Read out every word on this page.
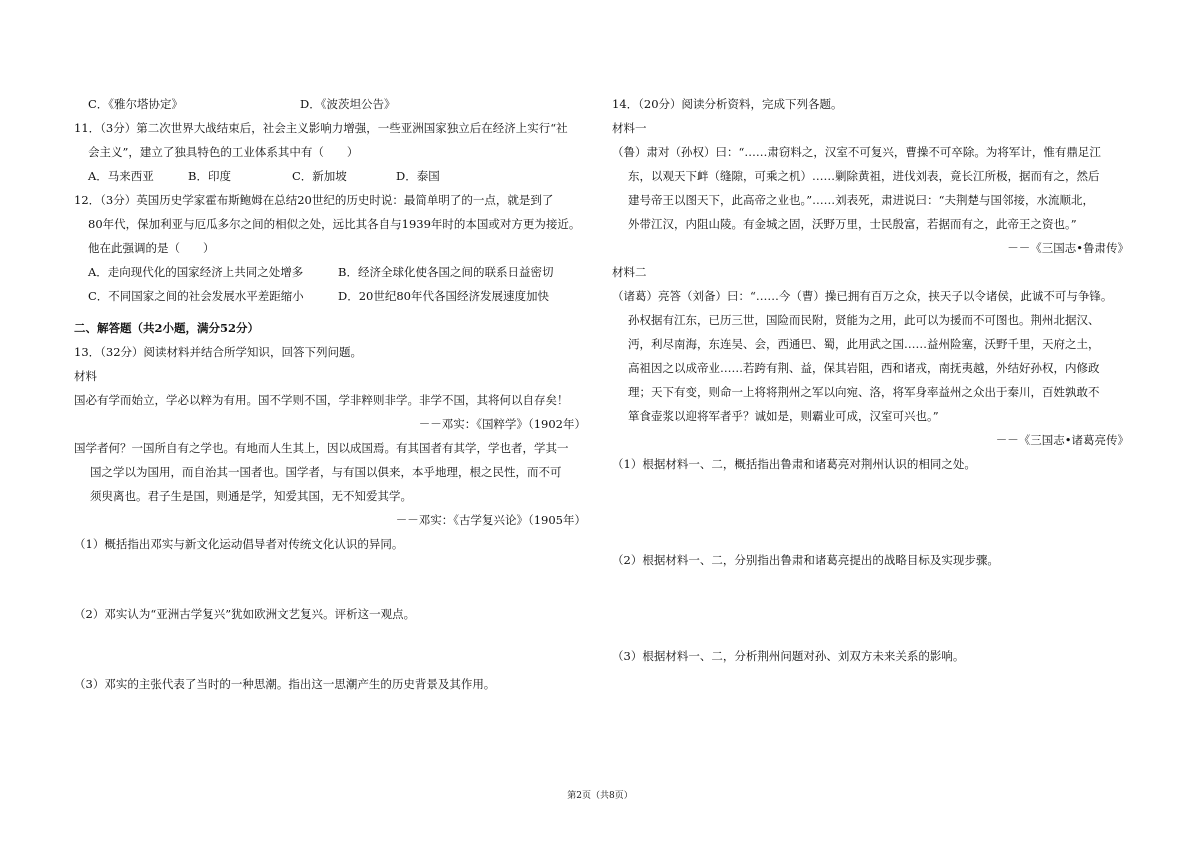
C．《雅尔塔协定》	D．《波茨坦公告》
11．（3分）第二次世界大战结束后，社会主义影响力增强，一些亚洲国家独立后在经济上实行“社
会主义”，建立了独具特色的工业体系其中有（　　）
A．马来西亚	B．印度	C．新加坡	D．泰国
12．（3分）英国历史学家霍布斯鲍姆在总结20世纪的历史时说：最简单明了的一点，就是到了
80年代，保加利亚与厄瓜多尔之间的相似之处，远比其各自与1939年时的本国或对方更为接近。
他在此强调的是（　　）
A．走向现代化的国家经济上共同之处增多	B．经济全球化使各国之间的联系日益密切
C．不同国家之间的社会发展水平差距缩小	D．20世纪80年代各国经济发展速度加快
二、解答题（共2小题，满分52分）
13．（32分）阅读材料并结合所学知识，回答下列问题。
材料
国必有学而始立，学必以粹为有用。国不学则不国，学非粹则非学。非学不国，其将何以自存矣！
－－邓实：《国粹学》（1902年）
国学者何？一国所自有之学也。有地而人生其上，因以成国焉。有其国者有其学，学也者，学其一
国之学以为国用，而自治其一国者也。国学者，与有国以俱来，本乎地理，根之民性，而不可
须臾离也。君子生是国，则通是学，知爱其国，无不知爱其学。
－－邓实：《古学复兴论》（1905年）
（1）概括指出邓实与新文化运动倡导者对传统文化认识的异同。
（2）邓实认为“亚洲古学复兴”犹如欧洲文艺复兴。评析这一观点。
（3）邓实的主张代表了当时的一种思潮。指出这一思潮产生的历史背景及其作用。
14．（20分）阅读分析资料，完成下列各题。
材料一
（鲁）肃对（孙权）曰：“……肃窃料之，汉室不可复兴，曹操不可卒除。为将军计，惟有鼎足江
东，以观天下衅（缝隙，可乘之机）……剿除黄祖，进伐刘表，竟长江所极，据而有之，然后
建号帝王以图天下，此高帝之业也。”……刘表死，肃进说曰：“夫荆楚与国邻接，水流顺北，
外带江汉，内阻山陵。有金城之固，沃野万里，士民殷富，若据而有之，此帝王之资也。”
－－《三国志•鲁肃传》
材料二
（诸葛）亮答（刘备）曰：“……今（曹）操已拥有百万之众，挟天子以令诸侯，此诚不可与争锋。
孙权据有江东，已历三世，国险而民附，贤能为之用，此可以为援而不可图也。荆州北据汉、
沔，利尽南海，东连吴、会，西通巴、蜀，此用武之国……益州险塞，沃野千里，天府之土，
高祖因之以成帝业……若跨有荆、益，保其岩阻，西和诸戎，南抚夷越，外结好孙权，内修政
理；天下有变，则命一上将将荆州之军以向宛、洛，将军身率益州之众出于秦川，百姓孰敢不
箪食壶浆以迎将军者乎？诚如是，则霸业可成，汉室可兴也。”
－－《三国志•诸葛亮传》
（1）根据材料一、二，概括指出鲁肃和诸葛亮对荆州认识的相同之处。
（2）根据材料一、二，分别指出鲁肃和诸葛亮提出的战略目标及实现步骤。
（3）根据材料一、二，分析荆州问题对孙、刘双方未来关系的影响。
第2页（共8页）
